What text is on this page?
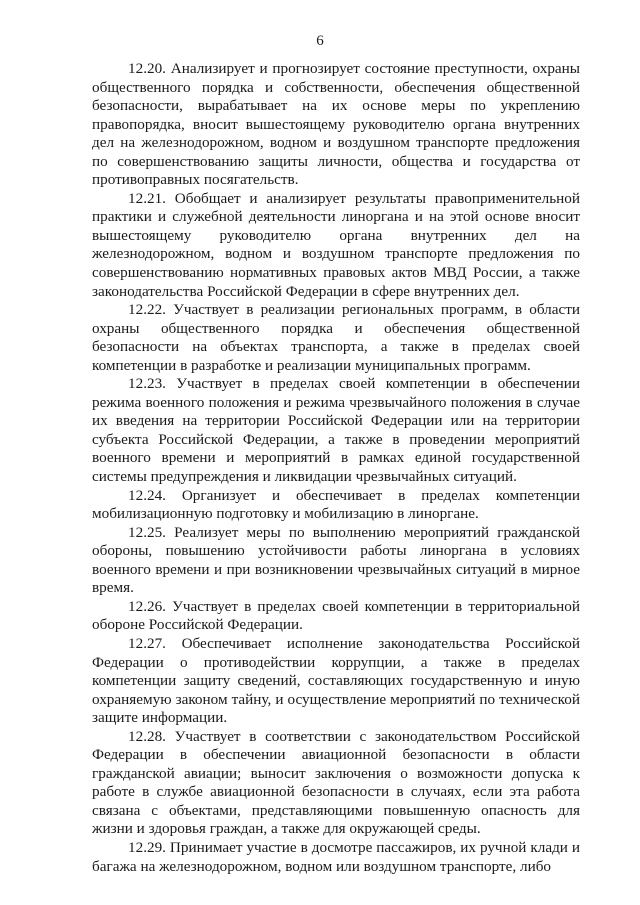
6

12.20. Анализирует и прогнозирует состояние преступности, охраны общественного порядка и собственности, обеспечения общественной безопасности, вырабатывает на их основе меры по укреплению правопорядка, вносит вышестоящему руководителю органа внутренних дел на железнодорожном, водном и воздушном транспорте предложения по совершенствованию защиты личности, общества и государства от противоправных посягательств.

12.21. Обобщает и анализирует результаты правоприменительной практики и служебной деятельности линоргана и на этой основе вносит вышестоящему руководителю органа внутренних дел на железнодорожном, водном и воздушном транспорте предложения по совершенствованию нормативных правовых актов МВД России, а также законодательства Российской Федерации в сфере внутренних дел.

12.22. Участвует в реализации региональных программ, в области охраны общественного порядка и обеспечения общественной безопасности на объектах транспорта, а также в пределах своей компетенции в разработке и реализации муниципальных программ.

12.23. Участвует в пределах своей компетенции в обеспечении режима военного положения и режима чрезвычайного положения в случае их введения на территории Российской Федерации или на территории субъекта Российской Федерации, а также в проведении мероприятий военного времени и мероприятий в рамках единой государственной системы предупреждения и ликвидации чрезвычайных ситуаций.

12.24. Организует и обеспечивает в пределах компетенции мобилизационную подготовку и мобилизацию в линоргане.

12.25. Реализует меры по выполнению мероприятий гражданской обороны, повышению устойчивости работы линоргана в условиях военного времени и при возникновении чрезвычайных ситуаций в мирное время.

12.26. Участвует в пределах своей компетенции в территориальной обороне Российской Федерации.

12.27. Обеспечивает исполнение законодательства Российской Федерации о противодействии коррупции, а также в пределах компетенции защиту сведений, составляющих государственную и иную охраняемую законом тайну, и осуществление мероприятий по технической защите информации.

12.28. Участвует в соответствии с законодательством Российской Федерации в обеспечении авиационной безопасности в области гражданской авиации; выносит заключения о возможности допуска к работе в службе авиационной безопасности в случаях, если эта работа связана с объектами, представляющими повышенную опасность для жизни и здоровья граждан, а также для окружающей среды.

12.29. Принимает участие в досмотре пассажиров, их ручной клади и багажа на железнодорожном, водном или воздушном транспорте, либо
